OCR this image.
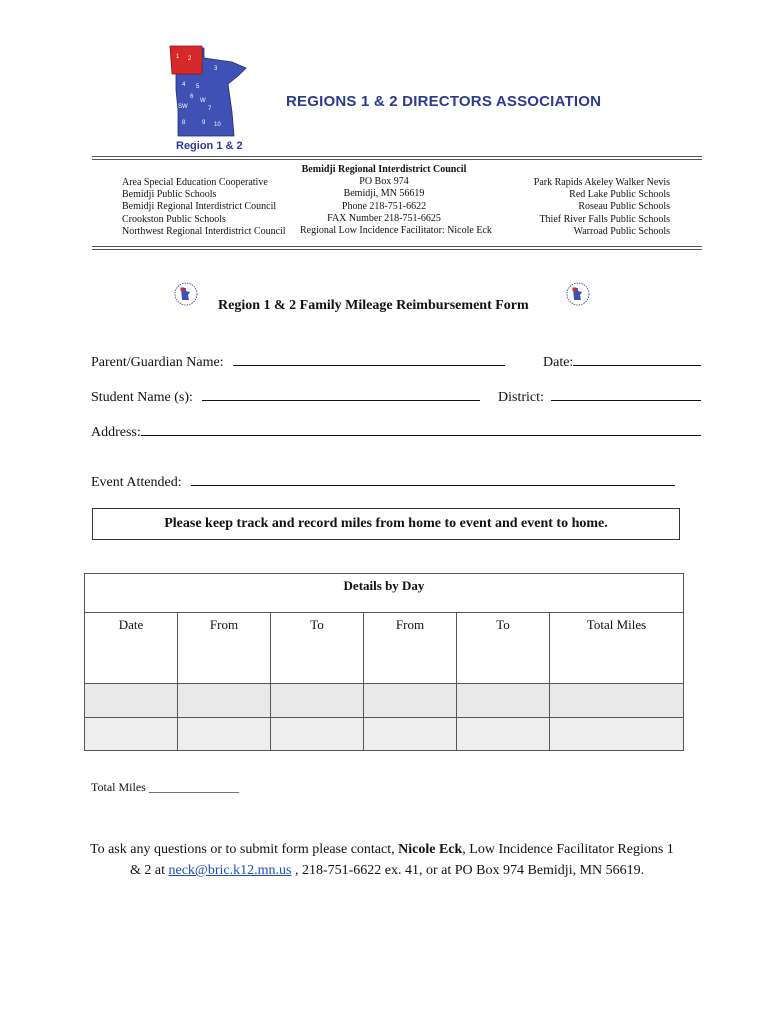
1 2
3
4 5
6
SW
W
7
8	9 10
Region 1 & 2
REGIONS 1 & 2 DIRECTORS ASSOCIATION
Area Special Education Cooperative
Bemidji Public Schools
Bemidji Regional Interdistrict Council
Crookston Public Schools
Northwest Regional Interdistrict Council
Bemidji Regional Interdistrict Council
PO Box 974
Bemidji, MN 56619
Phone 218-751-6622
FAX Number 218-751-6625
Regional Low Incidence Facilitator: Nicole Eck
Park Rapids Akeley Walker Nevis
Red Lake Public Schools
Roseau Public Schools
Thief River Falls Public Schools
Warroad Public Schools
Region 1 & 2 Family Mileage Reimbursement Form
Parent/Guardian Name:	Date:
Student Name (s):	District:
Address:
Event Attended:
Please keep track and record miles from home to event and event to home.
Details by Day					
Date	From	To	From	To	Total Miles

Total Miles _______________
To ask any questions or to submit form please contact, Nicole Eck, Low Incidence Facilitator Regions 1
& 2 at neck@bric.k12.mn.us , 218-751-6622 ex. 41, or at PO Box 974 Bemidji, MN 56619.
